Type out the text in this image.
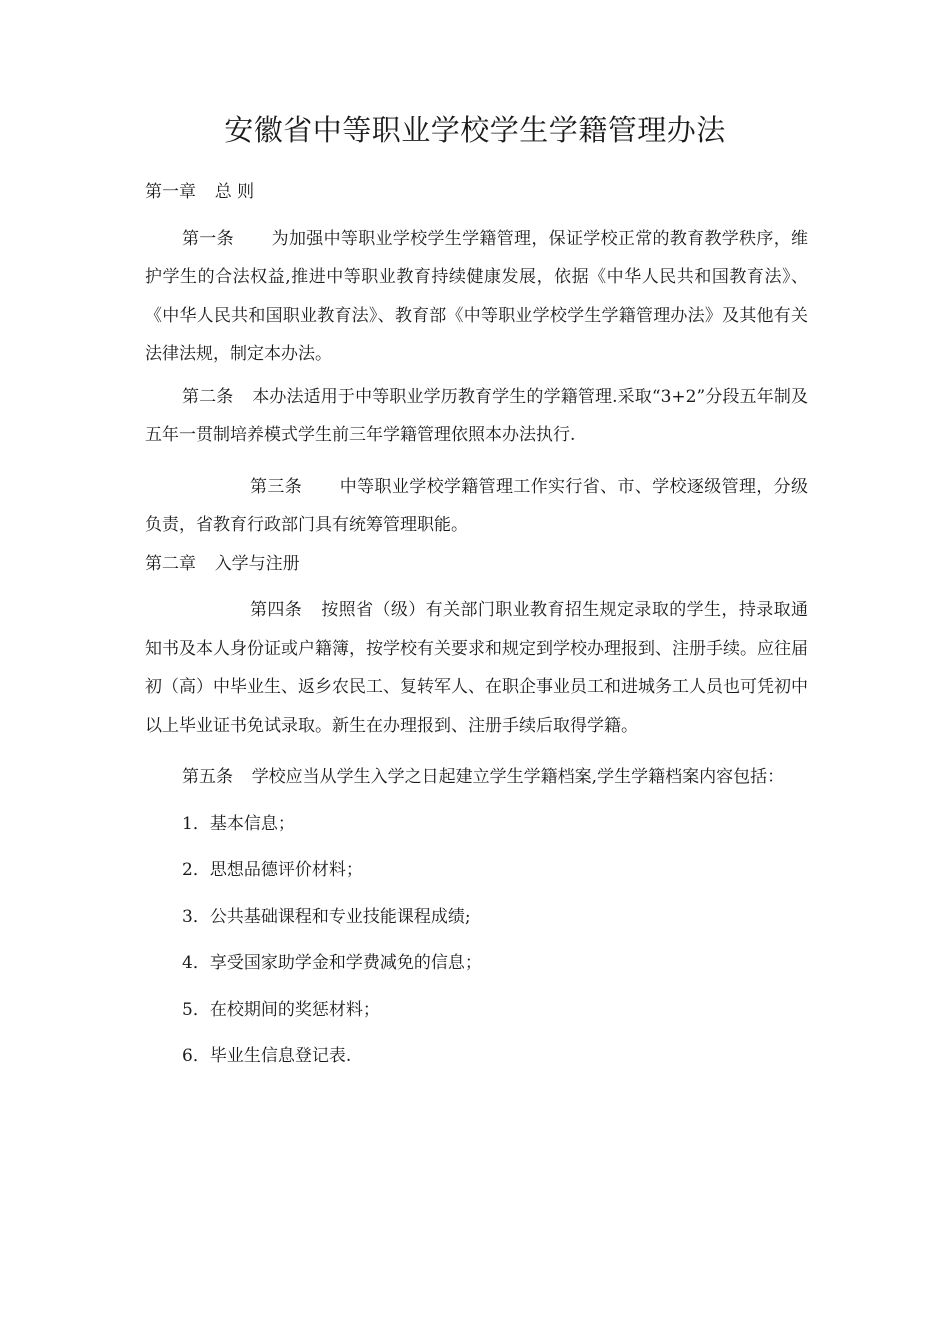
安徽省中等职业学校学生学籍管理办法

第一章 总 则

第一条 为加强中等职业学校学生学籍管理，保证学校正常的教育教学秩序，维护学生的合法权益,推进中等职业教育持续健康发展，依据《中华人民共和国教育法》、《中华人民共和国职业教育法》、教育部《中等职业学校学生学籍管理办法》及其他有关法律法规，制定本办法。

第二条 本办法适用于中等职业学历教育学生的学籍管理.采取“3+2”分段五年制及五年一贯制培养模式学生前三年学籍管理依照本办法执行.

第三条 中等职业学校学籍管理工作实行省、市、学校逐级管理，分级负责，省教育行政部门具有统筹管理职能。

第二章 入学与注册

第四条 按照省（级）有关部门职业教育招生规定录取的学生，持录取通知书及本人身份证或户籍簿，按学校有关要求和规定到学校办理报到、注册手续。应往届初（高）中毕业生、返乡农民工、复转军人、在职企事业员工和进城务工人员也可凭初中以上毕业证书免试录取。新生在办理报到、注册手续后取得学籍。

第五条 学校应当从学生入学之日起建立学生学籍档案,学生学籍档案内容包括：

1．基本信息；

2．思想品德评价材料；

3．公共基础课程和专业技能课程成绩;

4．享受国家助学金和学费减免的信息；

5．在校期间的奖惩材料；

6．毕业生信息登记表.
